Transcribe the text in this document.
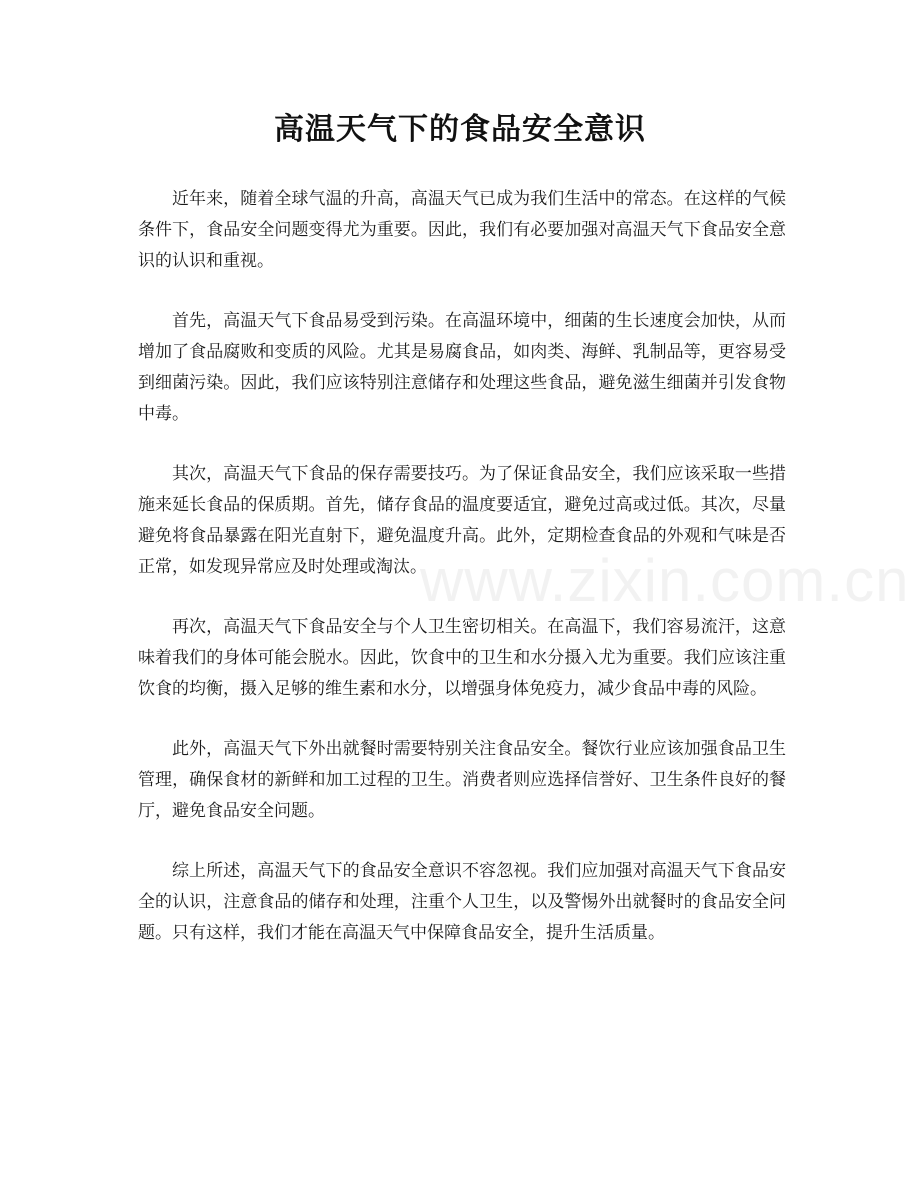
高温天气下的食品安全意识

近年来，随着全球气温的升高，高温天气已成为我们生活中的常态。在这样的气候条件下，食品安全问题变得尤为重要。因此，我们有必要加强对高温天气下食品安全意识的认识和重视。

首先，高温天气下食品易受到污染。在高温环境中，细菌的生长速度会加快，从而增加了食品腐败和变质的风险。尤其是易腐食品，如肉类、海鲜、乳制品等，更容易受到细菌污染。因此，我们应该特别注意储存和处理这些食品，避免滋生细菌并引发食物中毒。

其次，高温天气下食品的保存需要技巧。为了保证食品安全，我们应该采取一些措施来延长食品的保质期。首先，储存食品的温度要适宜，避免过高或过低。其次，尽量避免将食品暴露在阳光直射下，避免温度升高。此外，定期检查食品的外观和气味是否正常，如发现异常应及时处理或淘汰。

再次，高温天气下食品安全与个人卫生密切相关。在高温下，我们容易流汗，这意味着我们的身体可能会脱水。因此，饮食中的卫生和水分摄入尤为重要。我们应该注重饮食的均衡，摄入足够的维生素和水分，以增强身体免疫力，减少食品中毒的风险。

此外，高温天气下外出就餐时需要特别关注食品安全。餐饮行业应该加强食品卫生管理，确保食材的新鲜和加工过程的卫生。消费者则应选择信誉好、卫生条件良好的餐厅，避免食品安全问题。

综上所述，高温天气下的食品安全意识不容忽视。我们应加强对高温天气下食品安全的认识，注意食品的储存和处理，注重个人卫生，以及警惕外出就餐时的食品安全问题。只有这样，我们才能在高温天气中保障食品安全，提升生活质量。

www.zixin.com.cn
